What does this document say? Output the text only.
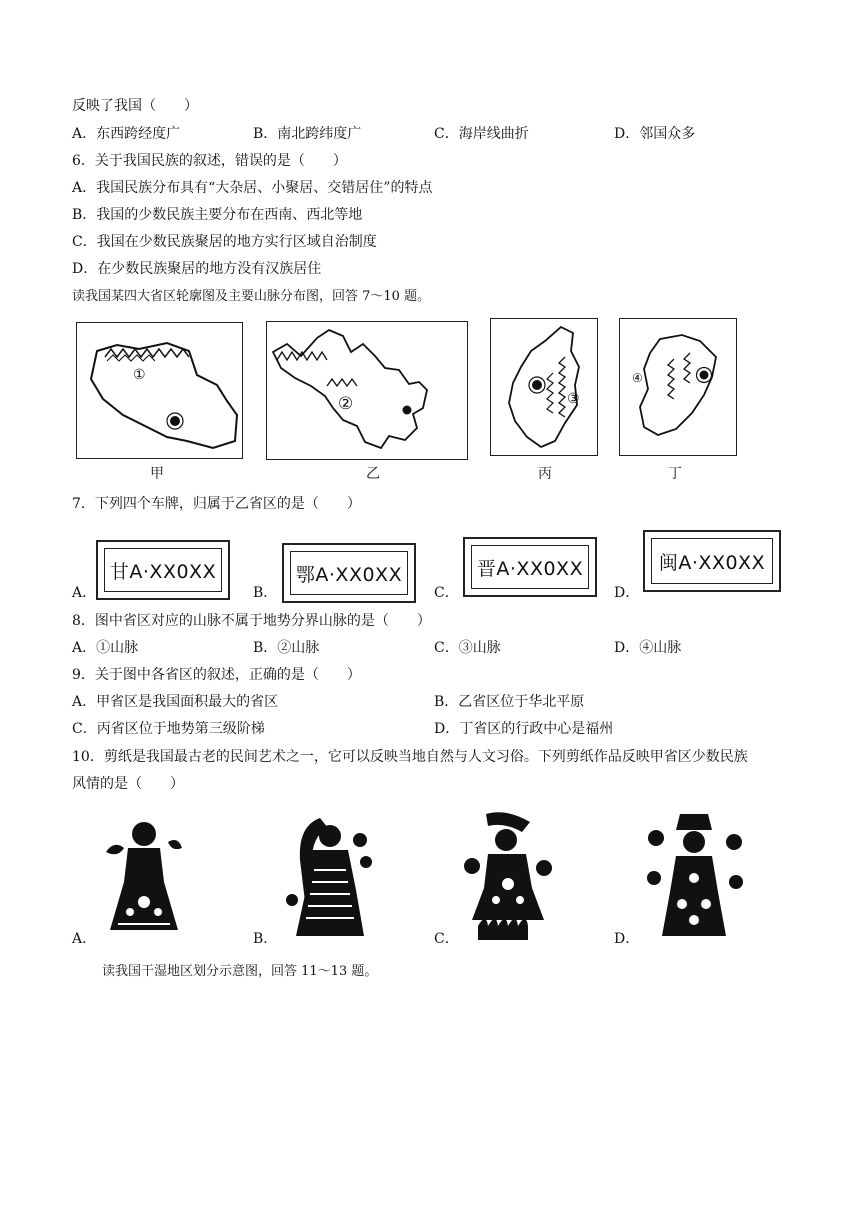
反映了我国（　　）
A．东西跨经度广	B．南北跨纬度广	C．海岸线曲折	D．邻国众多
6．关于我国民族的叙述，错误的是（　　）
A．我国民族分布具有“大杂居、小聚居、交错居住”的特点
B．我国的少数民族主要分布在西南、西北等地
C．我国在少数民族聚居的地方实行区域自治制度
D．在少数民族聚居的地方没有汉族居住
读我国某四大省区轮廓图及主要山脉分布图，回答 7～10 题。
①
甲
②
乙
③
丙
④
丁
7．下列四个车牌，归属于乙省区的是（　　）
A．
甘A·XX0XX
B．
鄂A·XX0XX
C．
晋A·XX0XX
D．
闽A·XX0XX
8．图中省区对应的山脉不属于地势分界山脉的是（　　）
A．①山脉	B．②山脉	C．③山脉	D．④山脉
9．关于图中各省区的叙述，正确的是（　　）
A．甲省区是我国面积最大的省区	B．乙省区位于华北平原
C．丙省区位于地势第三级阶梯	D．丁省区的行政中心是福州
10．剪纸是我国最古老的民间艺术之一，它可以反映当地自然与人文习俗。下列剪纸作品反映甲省区少数民族
风情的是（　　）
A．	B．	C．	D．
读我国干湿地区划分示意图，回答 11～13 题。
